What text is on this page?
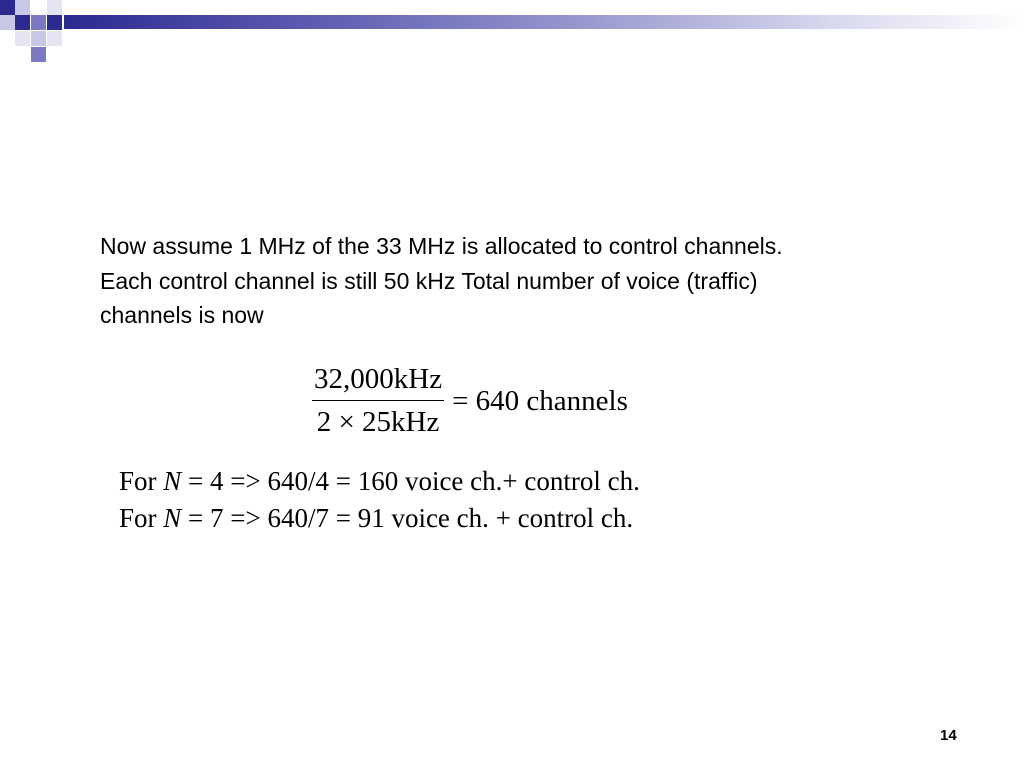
Now assume 1 MHz of the 33 MHz is allocated to control channels.

Each control channel is still 50 kHz Total number of voice (traffic)

channels is now

$\frac{\text{32,000kHz}}{\text{2 × 25kHz}} = 640$ channels

For N = 4 => 640/4 = 160 voice ch.+ control ch.

For N = 7 => 640/7 = 91 voice ch. + control ch.

14
